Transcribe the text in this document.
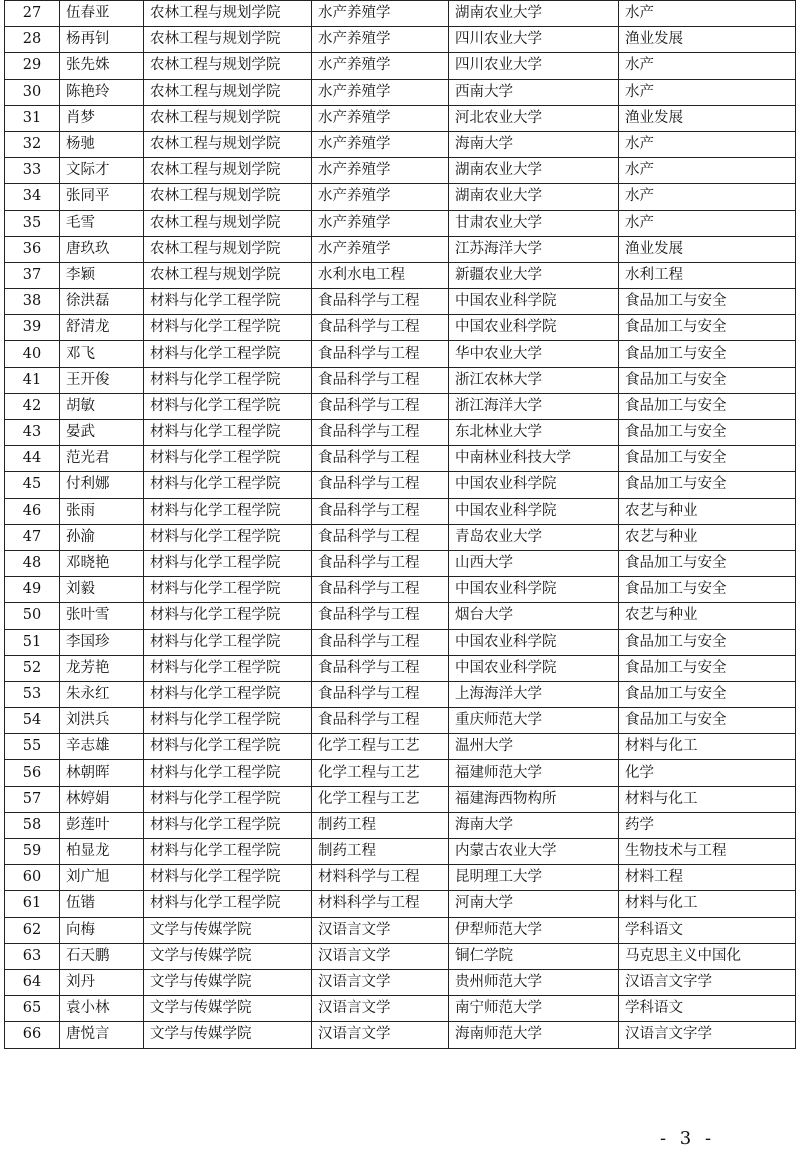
27	伍春亚	农林工程与规划学院	水产养殖学	湖南农业大学	水产
28	杨再钊	农林工程与规划学院	水产养殖学	四川农业大学	渔业发展
29	张先姝	农林工程与规划学院	水产养殖学	四川农业大学	水产
30	陈艳玲	农林工程与规划学院	水产养殖学	西南大学	水产
31	肖梦	农林工程与规划学院	水产养殖学	河北农业大学	渔业发展
32	杨驰	农林工程与规划学院	水产养殖学	海南大学	水产
33	文际才	农林工程与规划学院	水产养殖学	湖南农业大学	水产
34	张同平	农林工程与规划学院	水产养殖学	湖南农业大学	水产
35	毛雪	农林工程与规划学院	水产养殖学	甘肃农业大学	水产
36	唐玖玖	农林工程与规划学院	水产养殖学	江苏海洋大学	渔业发展
37	李颖	农林工程与规划学院	水利水电工程	新疆农业大学	水利工程
38	徐洪磊	材料与化学工程学院	食品科学与工程	中国农业科学院	食品加工与安全
39	舒清龙	材料与化学工程学院	食品科学与工程	中国农业科学院	食品加工与安全
40	邓飞	材料与化学工程学院	食品科学与工程	华中农业大学	食品加工与安全
41	王开俊	材料与化学工程学院	食品科学与工程	浙江农林大学	食品加工与安全
42	胡敏	材料与化学工程学院	食品科学与工程	浙江海洋大学	食品加工与安全
43	晏武	材料与化学工程学院	食品科学与工程	东北林业大学	食品加工与安全
44	范光君	材料与化学工程学院	食品科学与工程	中南林业科技大学	食品加工与安全
45	付利娜	材料与化学工程学院	食品科学与工程	中国农业科学院	食品加工与安全
46	张雨	材料与化学工程学院	食品科学与工程	中国农业科学院	农艺与种业
47	孙渝	材料与化学工程学院	食品科学与工程	青岛农业大学	农艺与种业
48	邓晓艳	材料与化学工程学院	食品科学与工程	山西大学	食品加工与安全
49	刘毅	材料与化学工程学院	食品科学与工程	中国农业科学院	食品加工与安全
50	张叶雪	材料与化学工程学院	食品科学与工程	烟台大学	农艺与种业
51	李国珍	材料与化学工程学院	食品科学与工程	中国农业科学院	食品加工与安全
52	龙芳艳	材料与化学工程学院	食品科学与工程	中国农业科学院	食品加工与安全
53	朱永红	材料与化学工程学院	食品科学与工程	上海海洋大学	食品加工与安全
54	刘洪兵	材料与化学工程学院	食品科学与工程	重庆师范大学	食品加工与安全
55	辛志雄	材料与化学工程学院	化学工程与工艺	温州大学	材料与化工
56	林朝晖	材料与化学工程学院	化学工程与工艺	福建师范大学	化学
57	林婷娟	材料与化学工程学院	化学工程与工艺	福建海西物构所	材料与化工
58	彭莲叶	材料与化学工程学院	制药工程	海南大学	药学
59	柏显龙	材料与化学工程学院	制药工程	内蒙古农业大学	生物技术与工程
60	刘广旭	材料与化学工程学院	材料科学与工程	昆明理工大学	材料工程
61	伍锴	材料与化学工程学院	材料科学与工程	河南大学	材料与化工
62	向梅	文学与传媒学院	汉语言文学	伊犁师范大学	学科语文
63	石天鹏	文学与传媒学院	汉语言文学	铜仁学院	马克思主义中国化
64	刘丹	文学与传媒学院	汉语言文学	贵州师范大学	汉语言文字学
65	袁小林	文学与传媒学院	汉语言文学	南宁师范大学	学科语文
66	唐悦言	文学与传媒学院	汉语言文学	海南师范大学	汉语言文字学
- 3 -
